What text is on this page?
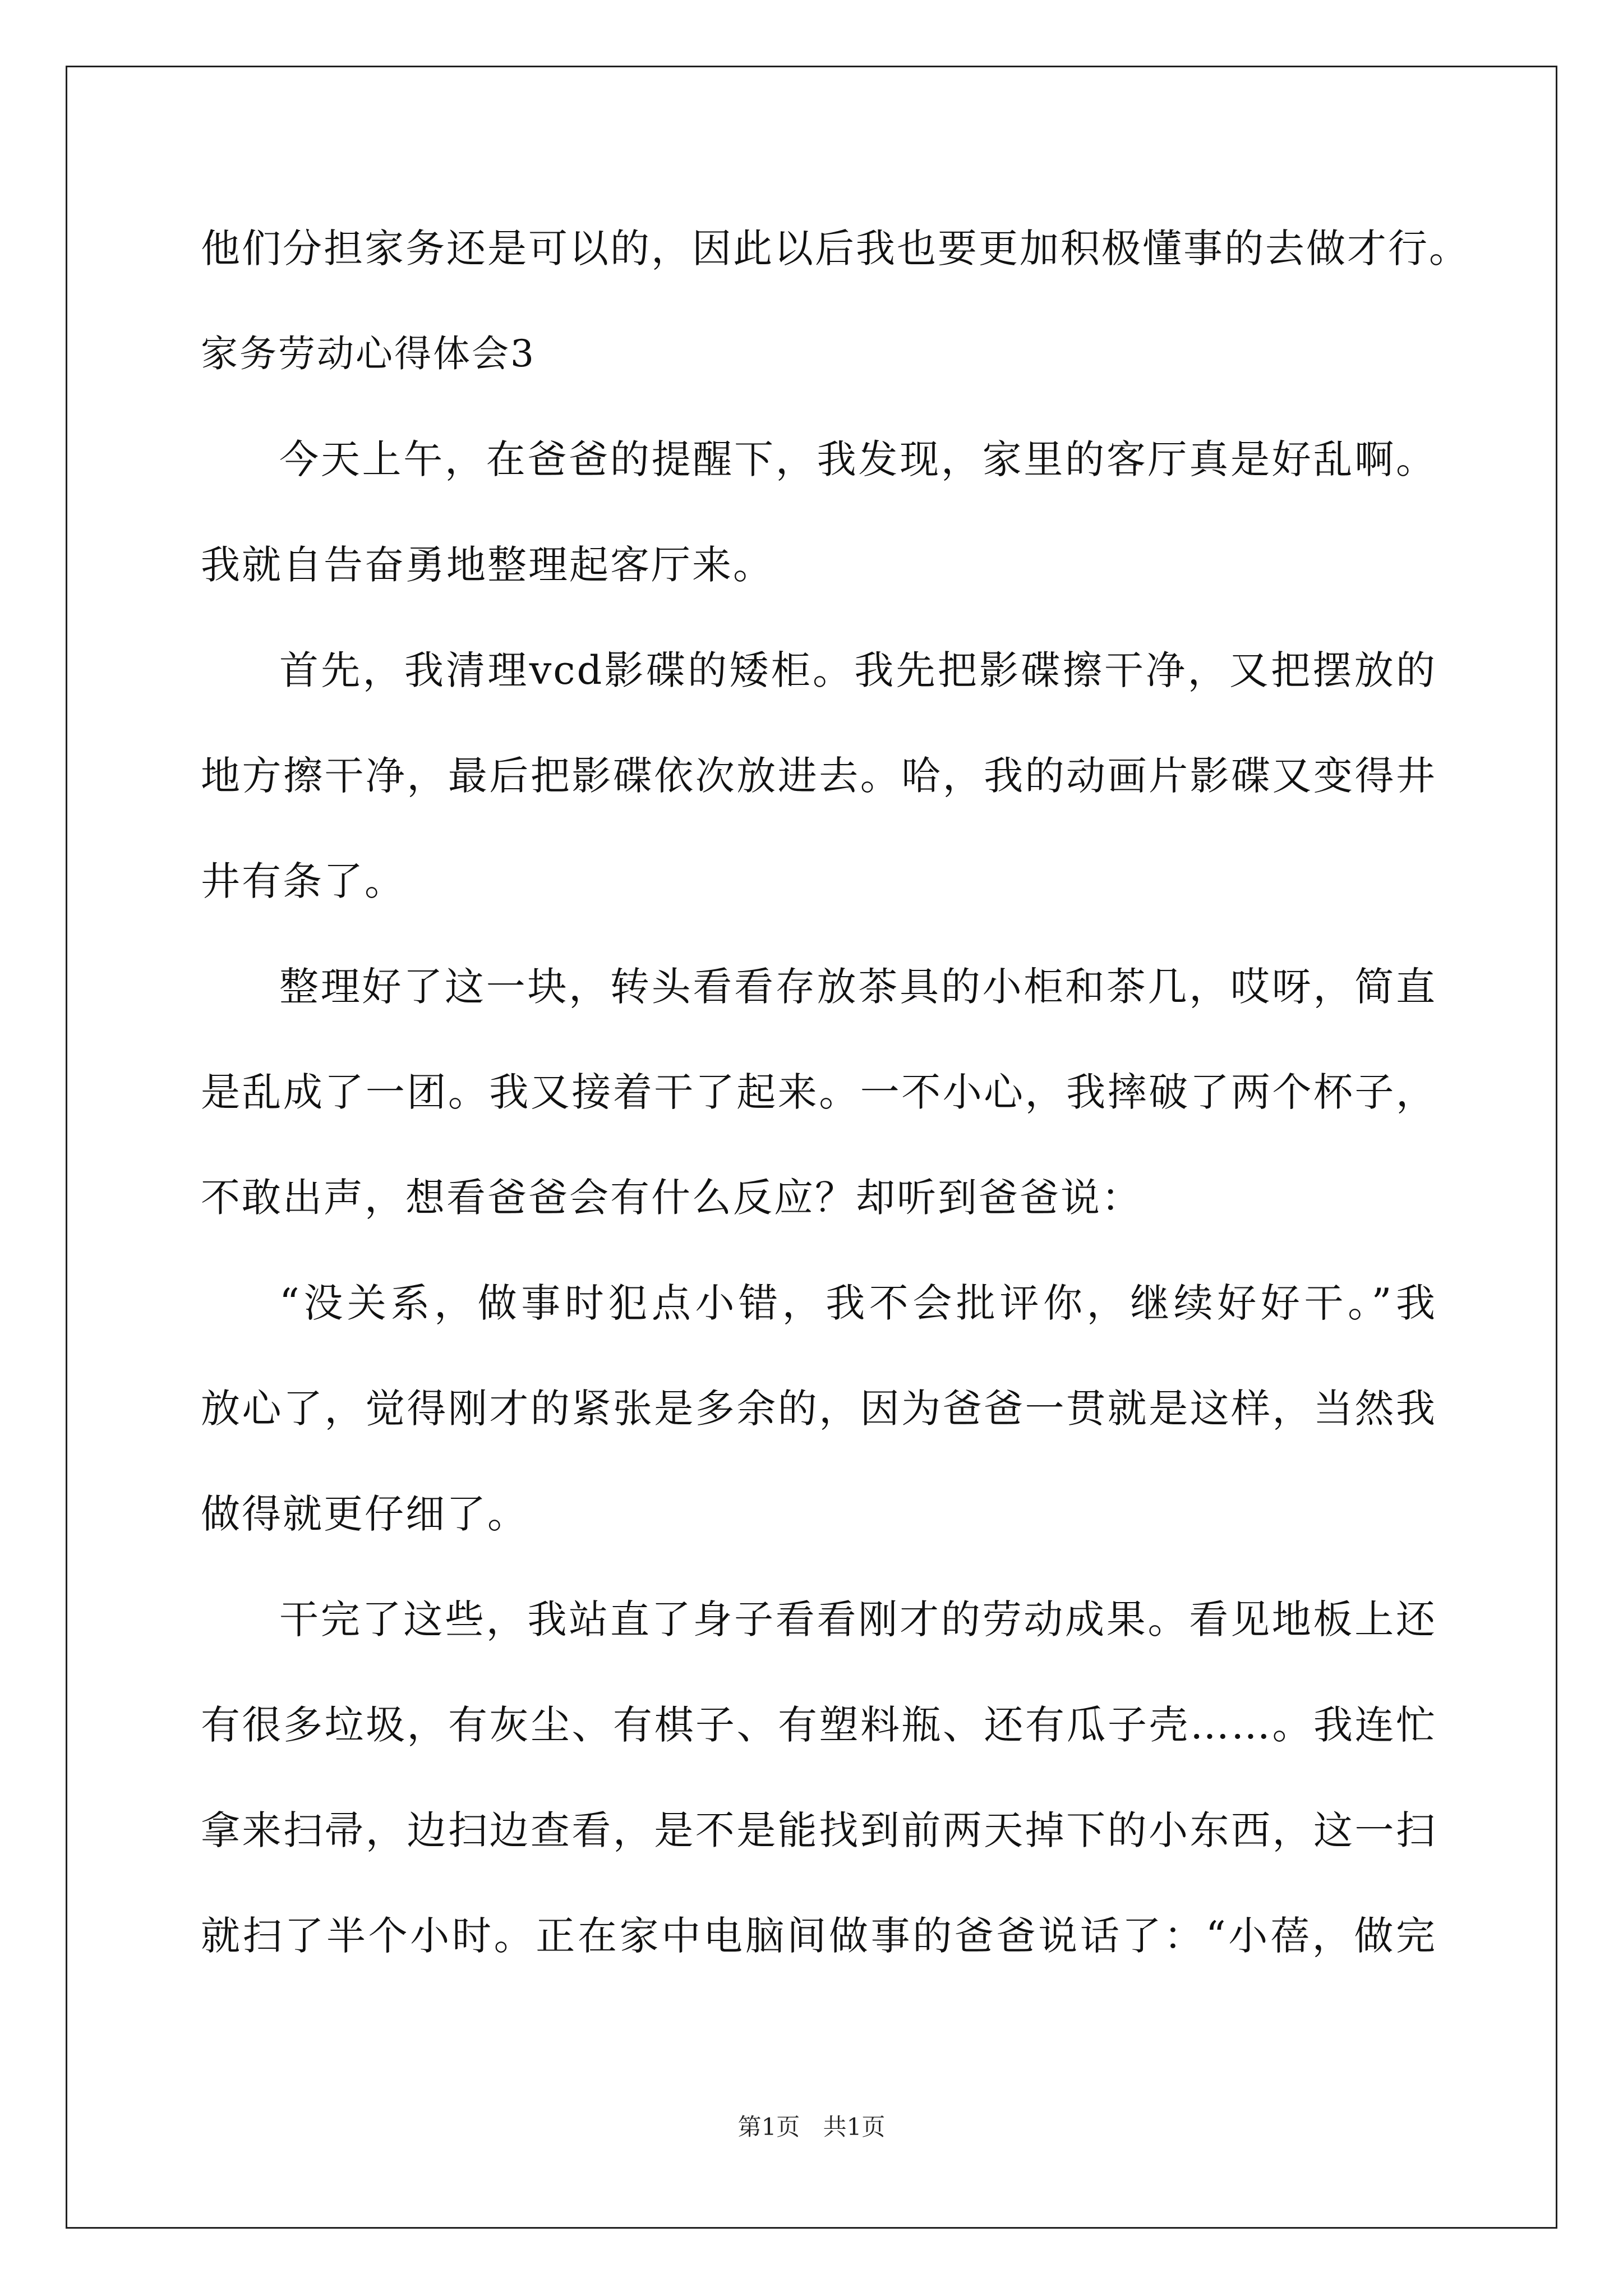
他们分担家务还是可以的，因此以后我也要更加积极懂事的去做才行。
家务劳动心得体会3
今天上午，在爸爸的提醒下，我发现，家里的客厅真是好乱啊。
我就自告奋勇地整理起客厅来。
首先，我清理vcd影碟的矮柜。我先把影碟擦干净，又把摆放的
地方擦干净，最后把影碟依次放进去。哈，我的动画片影碟又变得井
井有条了。
整理好了这一块，转头看看存放茶具的小柜和茶几，哎呀，简直
是乱成了一团。我又接着干了起来。一不小心，我摔破了两个杯子，
不敢出声，想看爸爸会有什么反应？却听到爸爸说：
“没关系，做事时犯点小错，我不会批评你，继续好好干。”我
放心了，觉得刚才的紧张是多余的，因为爸爸一贯就是这样，当然我
做得就更仔细了。
干完了这些，我站直了身子看看刚才的劳动成果。看见地板上还
有很多垃圾，有灰尘、有棋子、有塑料瓶、还有瓜子壳……。我连忙
拿来扫帚，边扫边查看，是不是能找到前两天掉下的小东西，这一扫
就扫了半个小时。正在家中电脑间做事的爸爸说话了：“小蓓，做完
第1页 共1页
